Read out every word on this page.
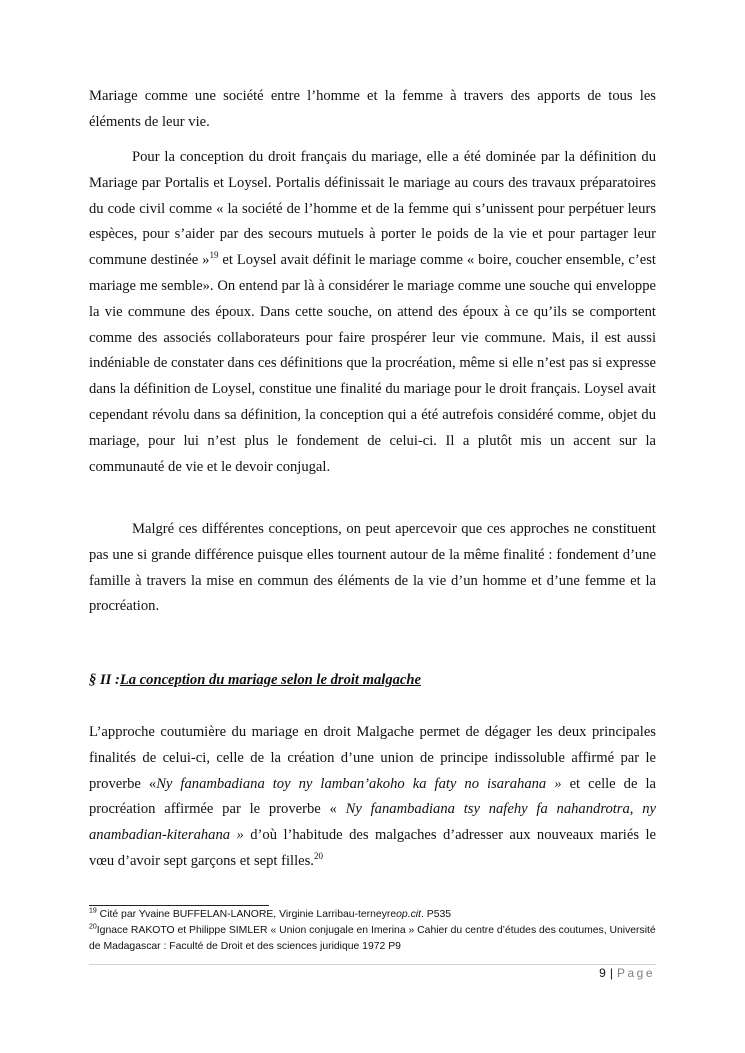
Mariage comme une société entre l’homme et la femme à travers des apports de tous les éléments de leur vie.

Pour la conception du droit français du mariage, elle a été dominée par la définition du Mariage par Portalis et Loysel. Portalis définissait le mariage au cours des travaux préparatoires du code civil comme « la société de l’homme et de la femme qui s’unissent pour perpétuer leurs espèces, pour s’aider par des secours mutuels à porter le poids de la vie et pour partager leur commune destinée »$^{19}$ et Loysel avait définit le mariage comme « boire, coucher ensemble, c’est mariage me semble». On entend par là à considérer le mariage comme une souche qui enveloppe la vie commune des époux. Dans cette souche, on attend des époux à ce qu’ils se comportent comme des associés collaborateurs pour faire prospérer leur vie commune. Mais, il est aussi indéniable de constater dans ces définitions que la procréation, même si elle n’est pas si expresse dans la définition de Loysel, constitue une finalité du mariage pour le droit français. Loysel avait cependant révolu dans sa définition, la conception qui a été autrefois considéré comme, objet du mariage, pour lui n’est plus le fondement de celui-ci. Il a plutôt mis un accent sur la communauté de vie et le devoir conjugal.

Malgré ces différentes conceptions, on peut apercevoir que ces approches ne constituent pas une si grande différence puisque elles tournent autour de la même finalité : fondement d’une famille à travers la mise en commun des éléments de la vie d’un homme et d’une femme et la procréation.

§ II :La conception du mariage selon le droit malgache

L’approche coutumière du mariage en droit Malgache permet de dégager les deux principales finalités de celui-ci, celle de la création d’une union de principe indissoluble affirmé par le proverbe «Ny fanambadiana toy ny lamban’akoho ka faty no isarahana » et celle de la procréation affirmée par le proverbe « Ny fanambadiana tsy nafehy fa nahandrotra, ny anambadian-kiterahana » d’où l’habitude des malgaches d’adresser aux nouveaux mariés le vœu d’avoir sept garçons et sept filles.$^{20}$

$^{19}$ Cité par Yvaine BUFFELAN-LANORE, Virginie Larribau-terneyreop.cit. P535
$^{20}$Ignace RAKOTO et Philippe SIMLER « Union conjugale en Imerina » Cahier du centre d’études des coutumes, Université de Madagascar : Faculté de Droit et des sciences juridique 1972 P9
9 | Page
